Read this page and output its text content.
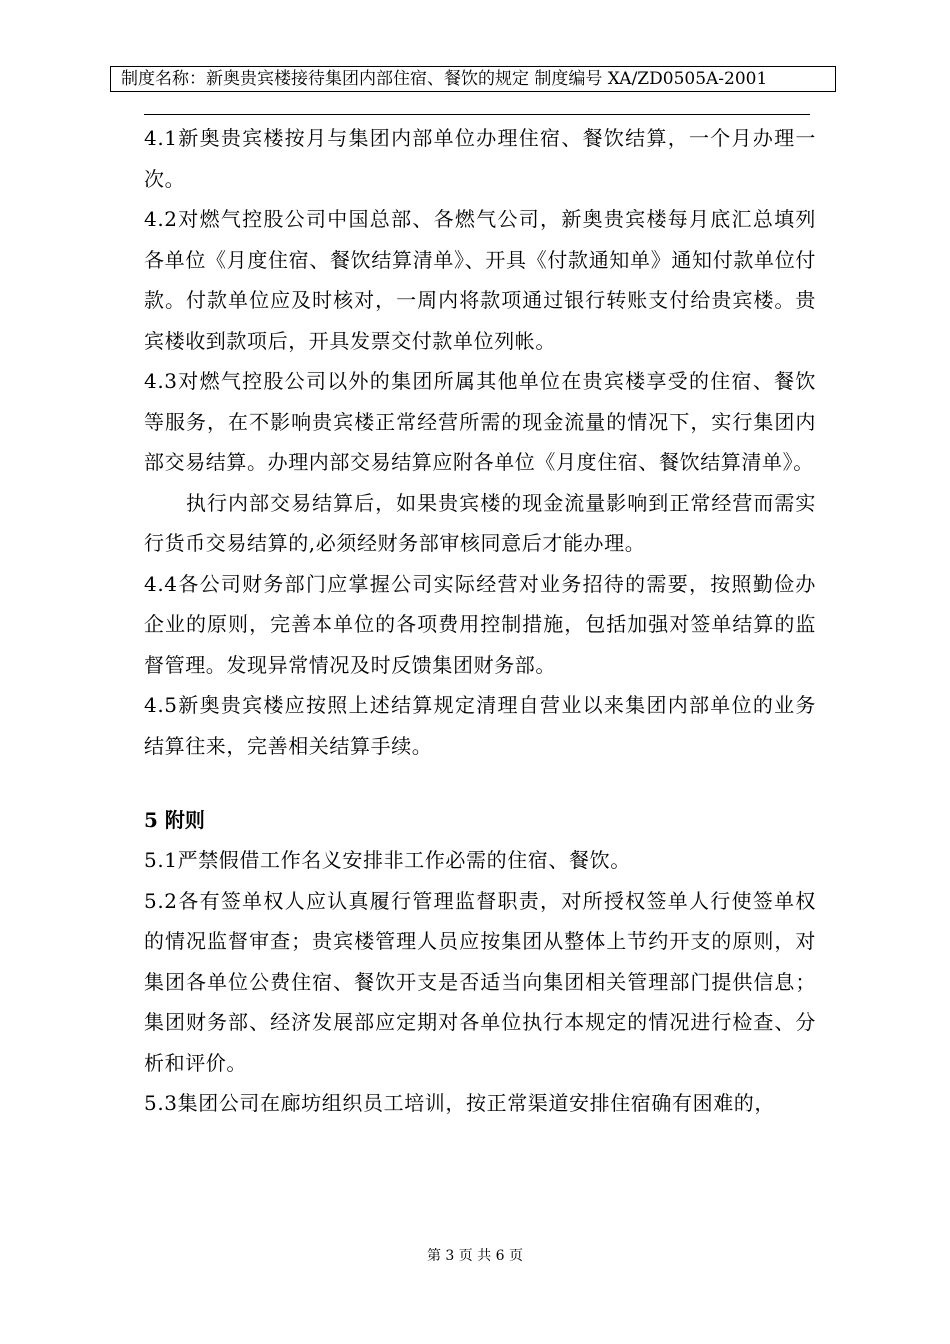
制度名称：新奥贵宾楼接待集团内部住宿、餐饮的规定 制度编号 XA/ZD0505A-2001

4.1新奥贵宾楼按月与集团内部单位办理住宿、餐饮结算，一个月办理一次。

4.2对燃气控股公司中国总部、各燃气公司，新奥贵宾楼每月底汇总填列各单位《月度住宿、餐饮结算清单》、开具《付款通知单》通知付款单位付款。付款单位应及时核对，一周内将款项通过银行转账支付给贵宾楼。贵宾楼收到款项后，开具发票交付款单位列帐。

4.3对燃气控股公司以外的集团所属其他单位在贵宾楼享受的住宿、餐饮等服务，在不影响贵宾楼正常经营所需的现金流量的情况下，实行集团内部交易结算。办理内部交易结算应附各单位《月度住宿、餐饮结算清单》。

执行内部交易结算后，如果贵宾楼的现金流量影响到正常经营而需实行货币交易结算的,必须经财务部审核同意后才能办理。

4.4各公司财务部门应掌握公司实际经营对业务招待的需要，按照勤俭办企业的原则，完善本单位的各项费用控制措施，包括加强对签单结算的监督管理。发现异常情况及时反馈集团财务部。

4.5新奥贵宾楼应按照上述结算规定清理自营业以来集团内部单位的业务结算往来，完善相关结算手续。

5 附则

5.1严禁假借工作名义安排非工作必需的住宿、餐饮。

5.2各有签单权人应认真履行管理监督职责，对所授权签单人行使签单权的情况监督审查；贵宾楼管理人员应按集团从整体上节约开支的原则，对集团各单位公费住宿、餐饮开支是否适当向集团相关管理部门提供信息；集团财务部、经济发展部应定期对各单位执行本规定的情况进行检查、分析和评价。

5.3集团公司在廊坊组织员工培训，按正常渠道安排住宿确有困难的，

第 3 页 共 6 页
